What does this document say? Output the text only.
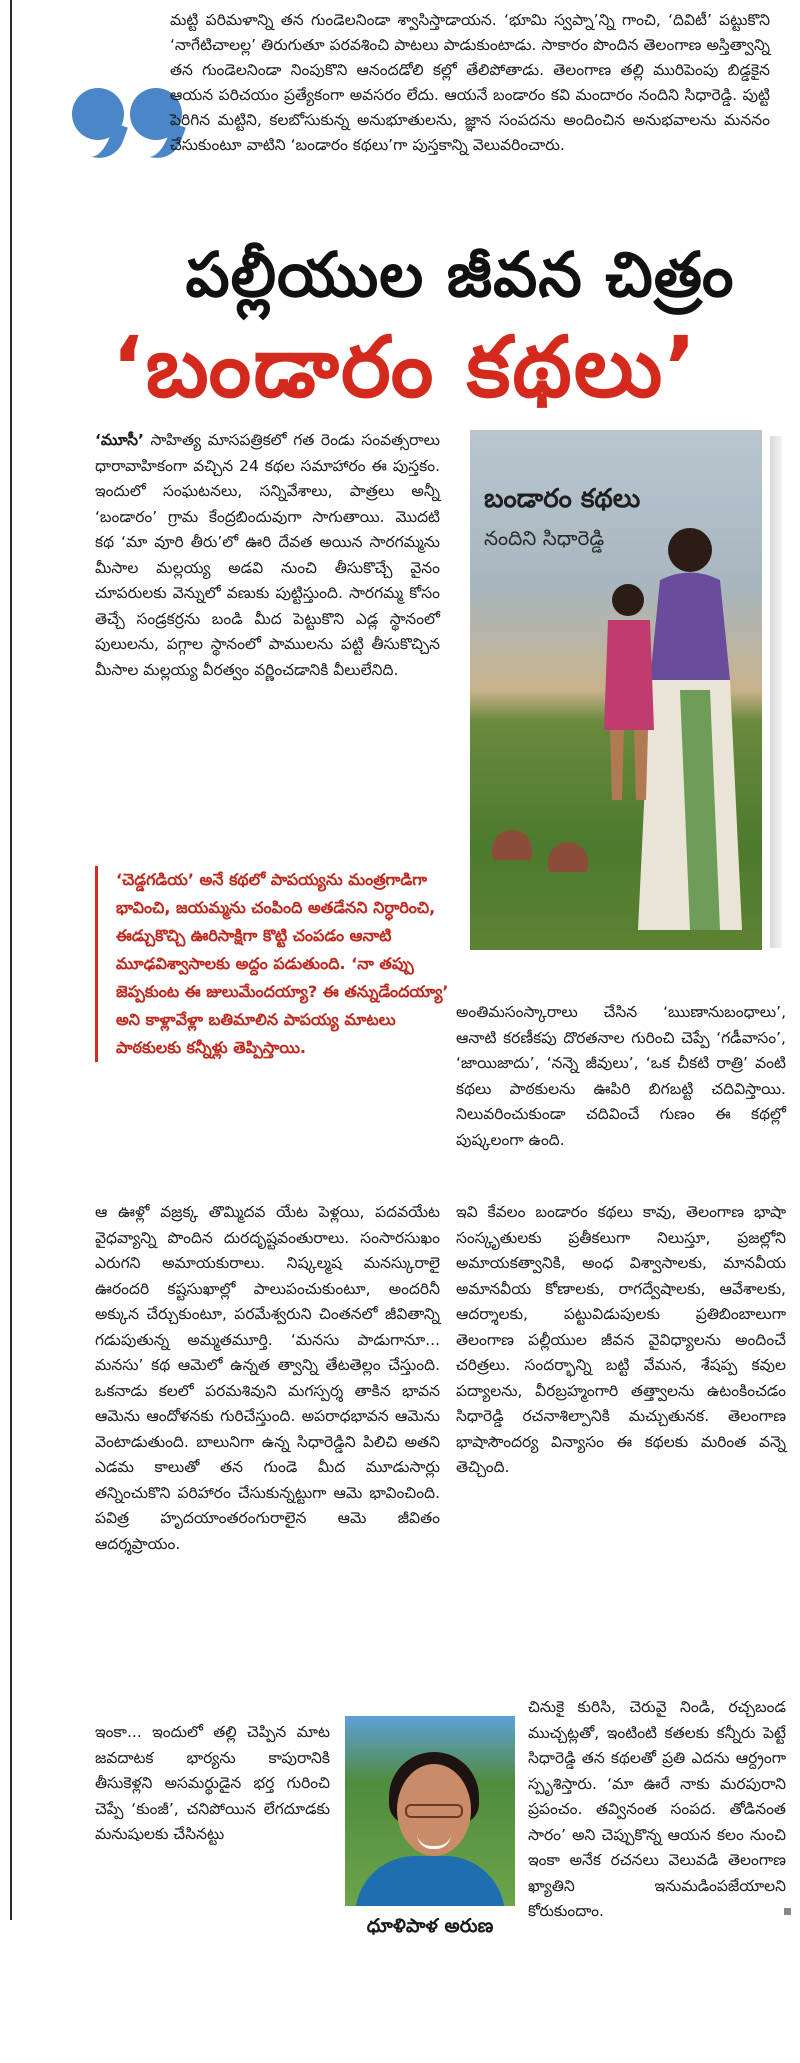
మట్టి పరిమళాన్ని తన గుండెలనిండా శ్వాసిస్తాడాయన. ‘భూమి స్వప్నా’న్ని గాంచి, ‘దివిటీ’ పట్టుకొని ‘నాగేటిచాలల్ల’ తిరుగుతూ పరవశించి పాటలు పాడుకుంటాడు. సాకారం పొందిన తెలంగాణ అస్తిత్వాన్ని తన గుండెలనిండా నింపుకొని ఆనందడోలి కల్లో తేలిపోతాడు. తెలంగాణ తల్లి మురిపెంపు బిడ్డకైన ఆయన పరిచయం ప్రత్యేకంగా అవసరం లేదు. ఆయనే బండారం కవి మందారం నందిని సిధారెడ్డి. పుట్టి పెరిగిన మట్టిని, కలబోసుకున్న అనుభూతులను, జ్ఞాన సంపదను అందించిన అనుభవాలను మననం చేసుకుంటూ వాటిని ‘బండారం కథలు’గా పుస్తకాన్ని వెలువరించారు.
పల్లీయుల జీవన చిత్రం
‘బండారం కథలు’

‘మూసీ’ సాహిత్య మాసపత్రికలో గత రెండు సంవత్సరాలు ధారావాహికంగా వచ్చిన 24 కథల సమాహారం ఈ పుస్తకం. ఇందులో సంఘటనలు, సన్నివేశాలు, పాత్రలు అన్నీ ‘బండారం’ గ్రామ కేంద్రబిందువుగా సాగుతాయి. మొదటి కథ ‘మా వూరి తీరు’లో ఊరి దేవత అయిన సారగమ్మను మీసాల మల్లయ్య అడవి నుంచి తీసుకొచ్చే వైనం చూపరులకు వెన్నులో వణుకు పుట్టిస్తుంది. సారగమ్మ కోసం తెచ్చే సండ్రకర్రను బండి మీద పెట్టుకొని ఎడ్ల స్థానంలో పులులను, పగ్గాల స్థానంలో పాములను పట్టి తీసుకొచ్చిన మీసాల మల్లయ్య వీరత్వం వర్ణించడానికి వీలులేనిది.

‘చెడ్డగడియ’ అనే కథలో పాపయ్యను మంత్రగాడిగా భావించి, జయమ్మను చంపింది అతడేనని నిర్ధారించి, ఈడ్చుకొచ్చి ఊరిసాక్షిగా కొట్టి చంపడం ఆనాటి మూఢవిశ్వాసాలకు అద్దం పడుతుంది. ‘నా తప్పు జెప్పకుంట ఈ జులుమేందయ్యా? ఈ తన్నుడేందయ్యా’ అని కాళ్లావేళ్లా బతిమాలిన పాపయ్య మాటలు పాఠకులకు కన్నీళ్లు తెప్పిస్తాయి.

ఆ ఊళ్లో వజ్రక్క తొమ్మిదవ యేట పెళ్లయి, పదవయేట వైధవ్యాన్ని పొందిన దురదృష్టవంతురాలు. సంసారసుఖం ఎరుగని అమాయకురాలు. నిష్కల్మష మనస్కురాలై ఊరందరి కష్టసుఖాల్లో పాలుపంచుకుంటూ, అందరినీ అక్కున చేర్చుకుంటూ, పరమేశ్వరుని చింతనలో జీవితాన్ని గడుపుతున్న అమ్మతమూర్తి. ‘మనసు పాడుగానూ... మనసు’ కథ ఆమెలో ఉన్నత త్వాన్ని తేటతెల్లం చేస్తుంది. ఒకనాడు కలలో పరమశివుని మగస్పర్శ తాకిన భావన ఆమెను ఆందోళనకు గురిచేస్తుంది. అపరాధభావన ఆమెను వెంటాడుతుంది. బాలునిగా ఉన్న సిధారెడ్డిని పిలిచి అతని ఎడమ కాలుతో తన గుండె మీద మూడుసార్లు తన్నించుకొని పరిహారం చేసుకున్నట్టుగా ఆమె భావించింది. పవిత్ర హృదయాంతరంగురాలైన ఆమె జీవితం ఆదర్శప్రాయం.

ఇంకా... ఇందులో తల్లి చెప్పిన మాట జవదాటక భార్యను కాపురానికి తీసుకెళ్లని అసమర్థుడైన భర్త గురించి చెప్పే ‘కుంజీ’, చనిపోయిన లేగదూడకు మనుషులకు చేసినట్టు

బండారం కథలు
నందిని సిధారెడ్డి

అంతిమసంస్కారాలు చేసిన ‘ఋణానుబంధాలు’, ఆనాటి కరణీకపు దొరతనాల గురించి చెప్పే ‘గడీవాసం’, ‘జాయిజాదు’, ‘నన్నె జీవులు’, ‘ఒక చీకటి రాత్రి’ వంటి కథలు పాఠకులను ఊపిరి బిగబట్టి చదివిస్తాయి. నిలువరించుకుండా చదివించే గుణం ఈ కథల్లో పుష్కలంగా ఉంది.

ఇవి కేవలం బండారం కథలు కావు, తెలంగాణ భాషా సంస్కృతులకు ప్రతీకలుగా నిలుస్తూ, ప్రజల్లోని అమాయకత్వానికి, అంధ విశ్వాసాలకు, మానవీయ అమానవీయ కోణాలకు, రాగద్వేషాలకు, ఆవేశాలకు, ఆదర్శాలకు, పట్టువిడుపులకు ప్రతిబింబాలుగా తెలంగాణ పల్లీయుల జీవన వైవిధ్యాలను అందించే చరిత్రలు. సందర్భాన్ని బట్టి వేమన, శేషప్ప కవుల పద్యాలను, వీరబ్రహ్మంగారి తత్త్వాలను ఉటంకించడం సిధారెడ్డి రచనాశిల్పానికి మచ్చుతునక. తెలంగాణ భాషాసౌందర్య విన్యాసం ఈ కథలకు మరింత వన్నె తెచ్చింది.

చినుకై కురిసి, చెరువై నిండి, రచ్చబండ ముచ్చట్లతో, ఇంటింటి కతలకు కన్నీరు పెట్టే సిధారెడ్డి తన కథలతో ప్రతి ఎదను ఆర్ద్రంగా స్పృశిస్తారు. ‘మా ఊరే నాకు మరపురాని ప్రపంచం. తవ్వినంత సంపద. తోడినంత సారం’ అని చెప్పుకొన్న ఆయన కలం నుంచి ఇంకా అనేక రచనలు వెలువడి తెలంగాణ ఖ్యాతిని ఇనుమడింపజేయాలని కోరుకుందాం.

ధూళిపాళ అరుణ
